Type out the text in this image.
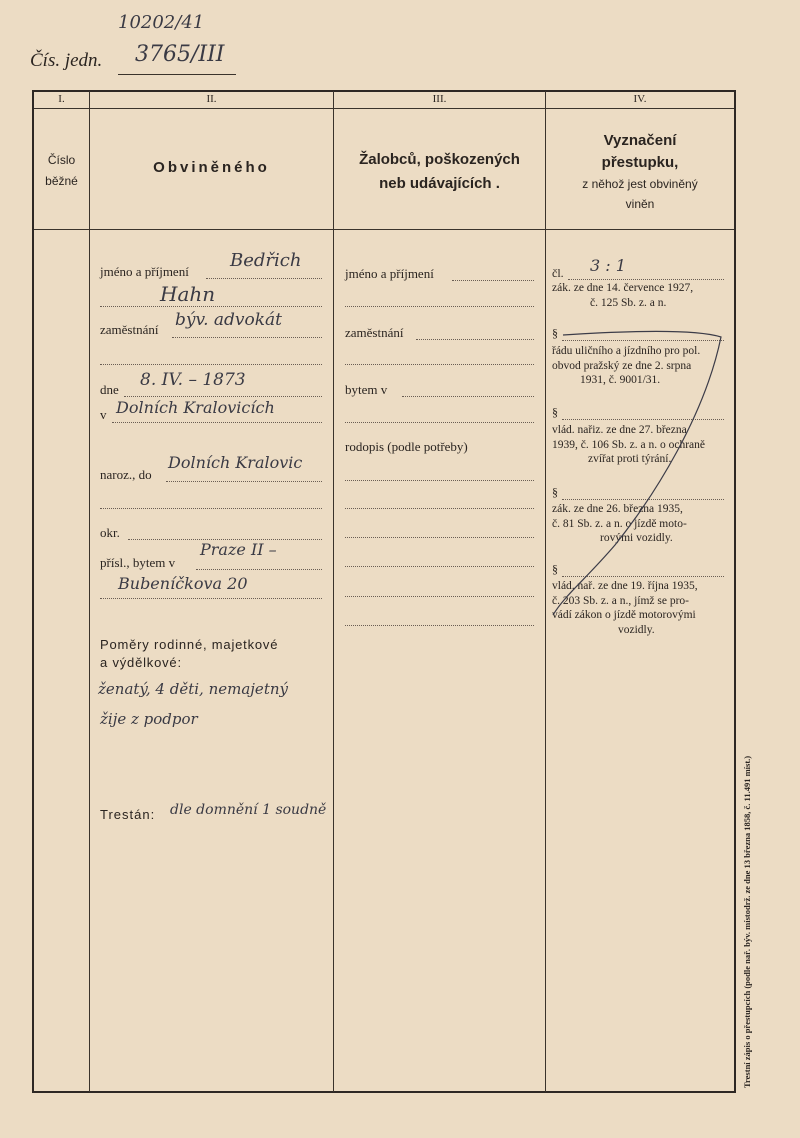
10202/41
Čís. jedn. 3765/III
I.	II.	III.	IV.
Číslo
běžné
Obviněného	Žalobců, poškozených
neb udávajících .
Vyznačení
přestupku,
z něhož jest obviněný
viněn
jméno a příjmení
Bedřich
Hahn
zaměstnání býv. advokát
dne 8. IV. – 1873
v Dolních Kralovicích
naroz., do
Dolních Kralovic
okr.
přísl., bytem v
Praze II –
Bubeníčkova 20
Poměry rodinné, majetkové
a výdělkové:
ženatý, 4 děti, nemajetný
žije z podpor
Trestán: dle domnění 1 soudně
jméno a příjmení
zaměstnání
bytem v
rodopis (podle potřeby)
čl. 3 : 1
zák. ze dne 14. července 1927,
č. 125 Sb. z. a n.
§
řádu uličního a jízdního pro pol.
obvod pražský ze dne 2. srpna
1931, č. 9001/31.
§
vlád. nařiz. ze dne 27. března
1939, č. 106 Sb. z. a n. o ochraně
zvířat proti týrání.
§
zák. ze dne 26. března 1935,
č. 81 Sb. z. a n. o jízdě moto-
rovými vozidly.
§
vlád. nař. ze dne 19. října 1935,
č. 203 Sb. z. a n., jímž se pro-
vádí zákon o jízdě motorovými
vozidly.
Trestní zápis o přestupcích (podle nař. býv. místodrž. ze dne 13 března 1858, č. 11.491 míst.)
